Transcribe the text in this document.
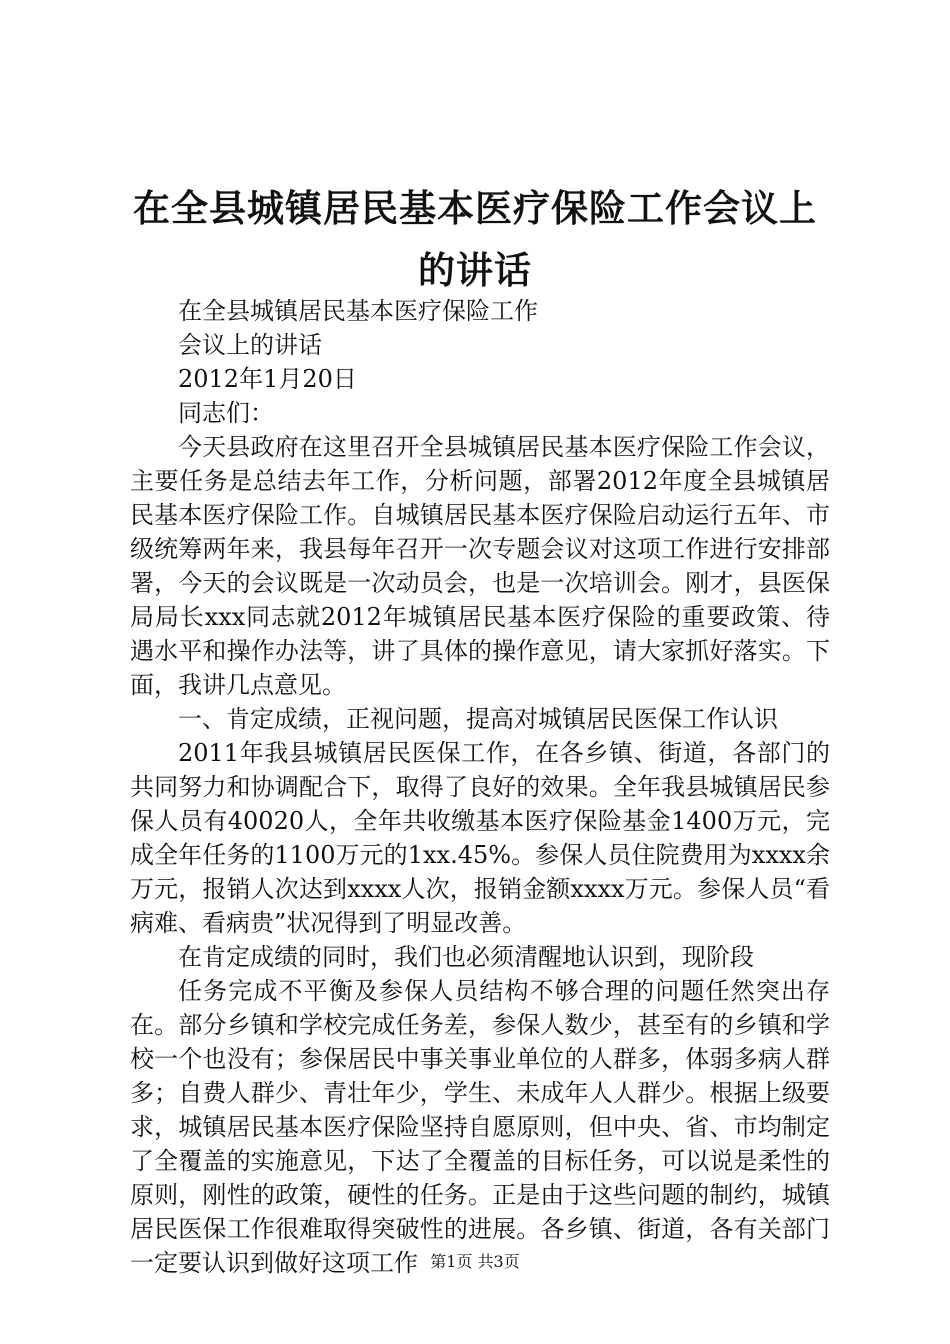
在全县城镇居民基本医疗保险工作会议上的讲话

在全县城镇居民基本医疗保险工作

会议上的讲话

2012年1月20日

同志们：

今天县政府在这里召开全县城镇居民基本医疗保险工作会议，主要任务是总结去年工作，分析问题，部署2012年度全县城镇居民基本医疗保险工作。自城镇居民基本医疗保险启动运行五年、市级统筹两年来，我县每年召开一次专题会议对这项工作进行安排部署，今天的会议既是一次动员会，也是一次培训会。刚才，县医保局局长xxx同志就2012年城镇居民基本医疗保险的重要政策、待遇水平和操作办法等，讲了具体的操作意见，请大家抓好落实。下面，我讲几点意见。

一、肯定成绩，正视问题，提高对城镇居民医保工作认识

2011年我县城镇居民医保工作，在各乡镇、街道，各部门的共同努力和协调配合下，取得了良好的效果。全年我县城镇居民参保人员有40020人，全年共收缴基本医疗保险基金1400万元，完成全年任务的1100万元的1xx.45%。参保人员住院费用为xxxx余万元，报销人次达到xxxx人次，报销金额xxxx万元。参保人员“看病难、看病贵”状况得到了明显改善。

在肯定成绩的同时，我们也必须清醒地认识到，现阶段

任务完成不平衡及参保人员结构不够合理的问题任然突出存在。部分乡镇和学校完成任务差，参保人数少，甚至有的乡镇和学校一个也没有；参保居民中事关事业单位的人群多，体弱多病人群多；自费人群少、青壮年少，学生、未成年人人群少。根据上级要求，城镇居民基本医疗保险坚持自愿原则，但中央、省、市均制定了全覆盖的实施意见，下达了全覆盖的目标任务，可以说是柔性的原则，刚性的政策，硬性的任务。正是由于这些问题的制约，城镇居民医保工作很难取得突破性的进展。各乡镇、街道，各有关部门一定要认识到做好这项工作 第1页 共3页
